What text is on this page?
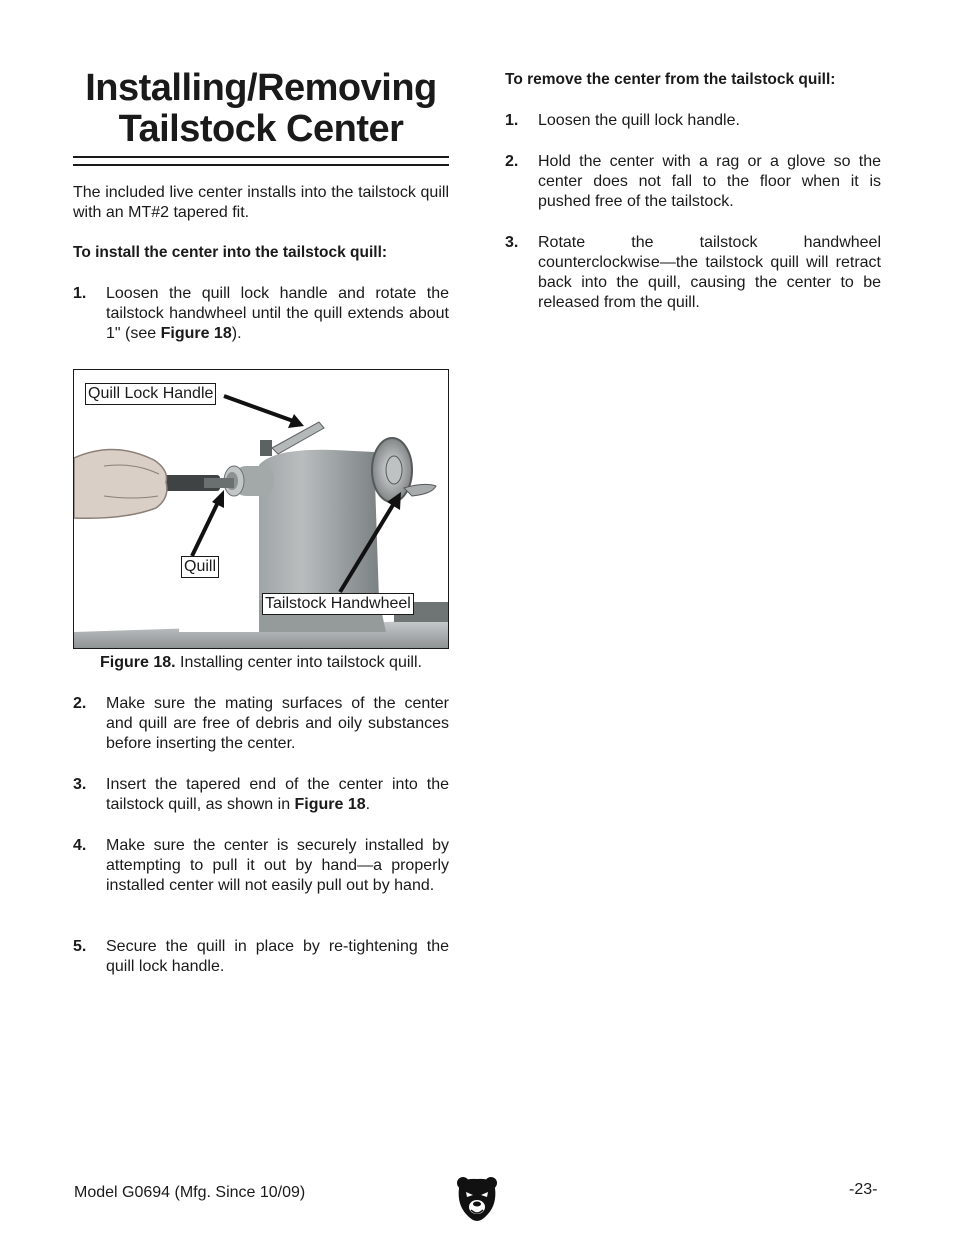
Installing/Removing
Tailstock Center
The included live center installs into the tailstock quill with an MT#2 tapered fit.
To install the center into the tailstock quill:
1. Loosen the quill lock handle and rotate the tailstock handwheel until the quill extends about 1" (see Figure 18).
Quill Lock Handle
Quill
Tailstock Handwheel
Figure 18. Installing center into tailstock quill.
2. Make sure the mating surfaces of the center and quill are free of debris and oily substances before inserting the center.
3. Insert the tapered end of the center into the tailstock quill, as shown in Figure 18.
4. Make sure the center is securely installed by attempting to pull it out by hand—a properly installed center will not easily pull out by hand.
5. Secure the quill in place by re-tightening the quill lock handle.
To remove the center from the tailstock quill:
1. Loosen the quill lock handle.
2. Hold the center with a rag or a glove so the center does not fall to the floor when it is pushed free of the tailstock.
3. Rotate the tailstock handwheel counterclockwise—the tailstock quill will retract back into the quill, causing the center to be released from the quill.
Model G0694 (Mfg. Since 10/09)	-23-
